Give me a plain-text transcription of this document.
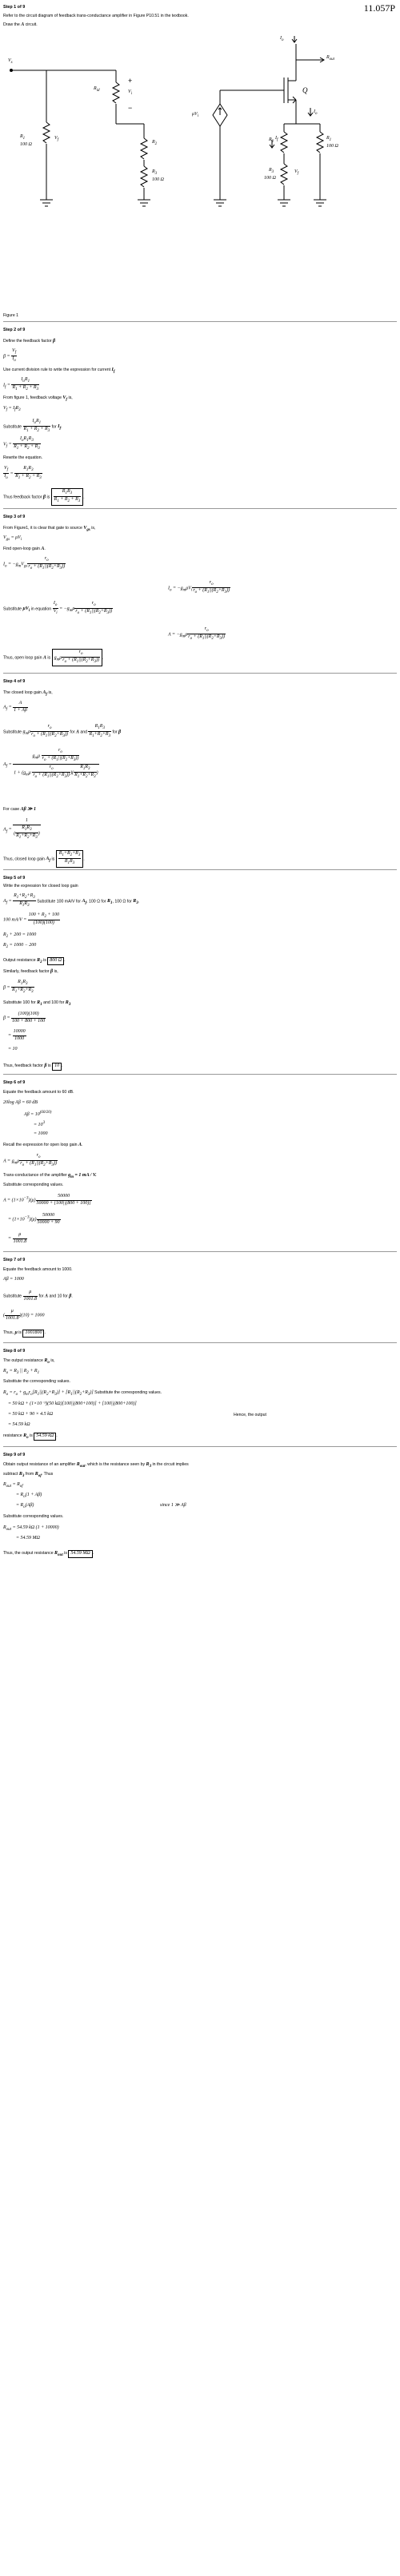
Step 1 of 9	11.057P
Refer to the circuit diagram of feedback trans-conductance amplifier in Figure P10.51 in the textbook.
Draw the A circuit.
$V_s$
+
−
$R_{id}$	$V_i$
$R_1$
100 Ω
$V_f$	$R_2$
$R_3$
100 Ω
$I_o$
Q
$R_{out}$
$\mu V_i$
$I_o$
$R_2$
$I_f$	$R_1$
100 Ω
$R_3$
100 Ω
$V_f$
Figure 1
Step 2 of 9
Define the feedback factor β
$\beta = \frac{V_f}{I_o}$
Use current division rule to write the expression for current $I_f$
$I_f$ =
$I_oR_1$
$R_1 + R_2 + R_3$
From figure 1, feedback voltage $V_f$ is,
$V_f = I_fR_3$
Substitute
$I_oR_1$
$R_1 + R_2 + R_3$
for $I_f$.
$V_f$ =
$I_oR_1R_3$
$R_1 + R_2 + R_3$
Rewrite the equation.
$\frac{V_f}{I_o} = \frac{R_1R_3}{R_1 + R_2 + R_3}$
Thus feedback factor β is $\frac{R_1R_3}{R_1 + R_2 + R_3}$ .
Step 3 of 9
From Figure1, it is clear that gate to source $V_{gs}$ is,
$V_{gs} = \mu V_i$
Find open-loop gain A.
$I_o = -g_mV_{gs} \frac{r_o}{r_o + (R_1||(R_2+R_3))}$
$I_o = -g_m\mu V_i \frac{r_o}{r_o + (R_1||(R_2+R_3))}$
Substitute $\mu V_i$ in equation $\frac{I_o}{V_i} = -g_m\mu \frac{r_o}{r_o + (R_1||(R_2+R_3))}$
$A = -g_m\mu \frac{r_o}{r_o + (R_1||(R_2+R_3))}$
Thus, open loop gain A is $g_m\mu \frac{r_o}{r_o + (R_1||(R_2+R_3))}$ .
Step 4 of 9
The closed loop gain $A_f$ is,
$A_f = \frac{A}{1 + A\beta}$
Substitute $g_m\mu \frac{r_o}{r_o + (R_1||(R_2+R_3))}$ for A and $\frac{R_1R_3}{R_1+R_2+R_3}$ for β
$A_f$ =
$g_m\mu \frac{r_o}{r_o + (R_1||(R_2+R_3))}$
$1 + (g_m\mu \frac{r_o}{r_o + (R_1||(R_2+R_3))}$ )( $\frac{R_1R_3}{R_1+R_2+R_3}$ )
For case Aβ ≫ 1
$A_f = \frac{1}{( \frac{R_1R_3}{R_1+R_2+R_3} )}$
Thus, closed loop gain $A_f$ is $\frac{R_1+R_2+R_3}{R_1R_3}$ .
Step 5 of 9
Write the expression for closed loop gain
$A_f = \frac{R_1+R_2+R_3}{R_1R_3}$ Substitute 100 mA/V for $A_f$, 100 Ω for $R_1$, 100 Ω for $R_3$.
100 $mA/V = \frac{100 + R_2 + 100}{(100)(100)}$
$R_2 + 200 = 1000$
$R_2 = 1000 - 200$
Output resistance $R_2$ is 800 Ω .
Similarly, feedback factor β is,
$\beta = \frac{R_1R_3}{R_1+R_2+R_3}$
Substitute 100 for $R_1$ and 100 for $R_3$
$\beta = \frac{(100)(100)}{100 + 800 + 100}$
= $\frac{10000}{1000}$
= 10
Thus, feedback factor β is 10 .
Step 6 of 9
Equate the feedback amount to 60 dB.
20log Aβ = 60 dB
$A\beta = 10^{(60/20)}$
= $10^3$
= 1000
Recall the expression for open loop gain A.
$A = g_m\mu \frac{r_o}{r_o + (R_1||(R_2+R_3))}$
Trans-conductance of the amplifier $g_m = 1$ mA / V.
Substitute corresponding values.
$A = (1\times 10^{-3})(\mu) \frac{50000}{50000 + [100||(800 + 100)]}$
= $(1\times 10^{-3})(\mu) \frac{50000}{50000 + 90}$
= $\frac{\mu}{1001.8}$
Step 7 of 9
Equate the feedback amount to 1000.
Aβ = 1000
Substitute $\frac{\mu}{1001.8}$ for A and 10 for β.
( $\frac{\mu}{1001.8} )(10) = 1000$
Thus, μ is 1001800 .
Step 8 of 9
The output resistance $R_o$ is,
$R_o = R_3$ || $R_2 + R_1$
Substitute the corresponding values.
$R_o = r_o + g_mr_o[R_1||(R_2+R_3)] + [R_1||(R_2+R_3)]$ Substitute the corresponding values.
= 50 kΩ + (1×10⁻³)(50 kΩ)[100||(800+100)] + [100||(800+100)]
= 50 kΩ + 90 × 4.5 kΩ
= 54.59 kΩ
Hence, the output
resistance $R_o$ is 54.59 kΩ .
Step 9 of 9
Obtain output resistance of an amplifier $R_{out}$, which is the resistance seen by $R_3$ in the circuit implies
subtract $R_3$ from $R_{of}$. Thus
$R_{out} = R_{of}$
= $R_o(1 + A\beta)$
= $R_o(A\beta)$	since 1 ≫ Aβ
Substitute corresponding values.
$R_{out} = 54.59$ kΩ (1 + 10000)
= 54.59 MΩ
Thus, the output resistance $R_{out}$ is 54.59 MΩ .
